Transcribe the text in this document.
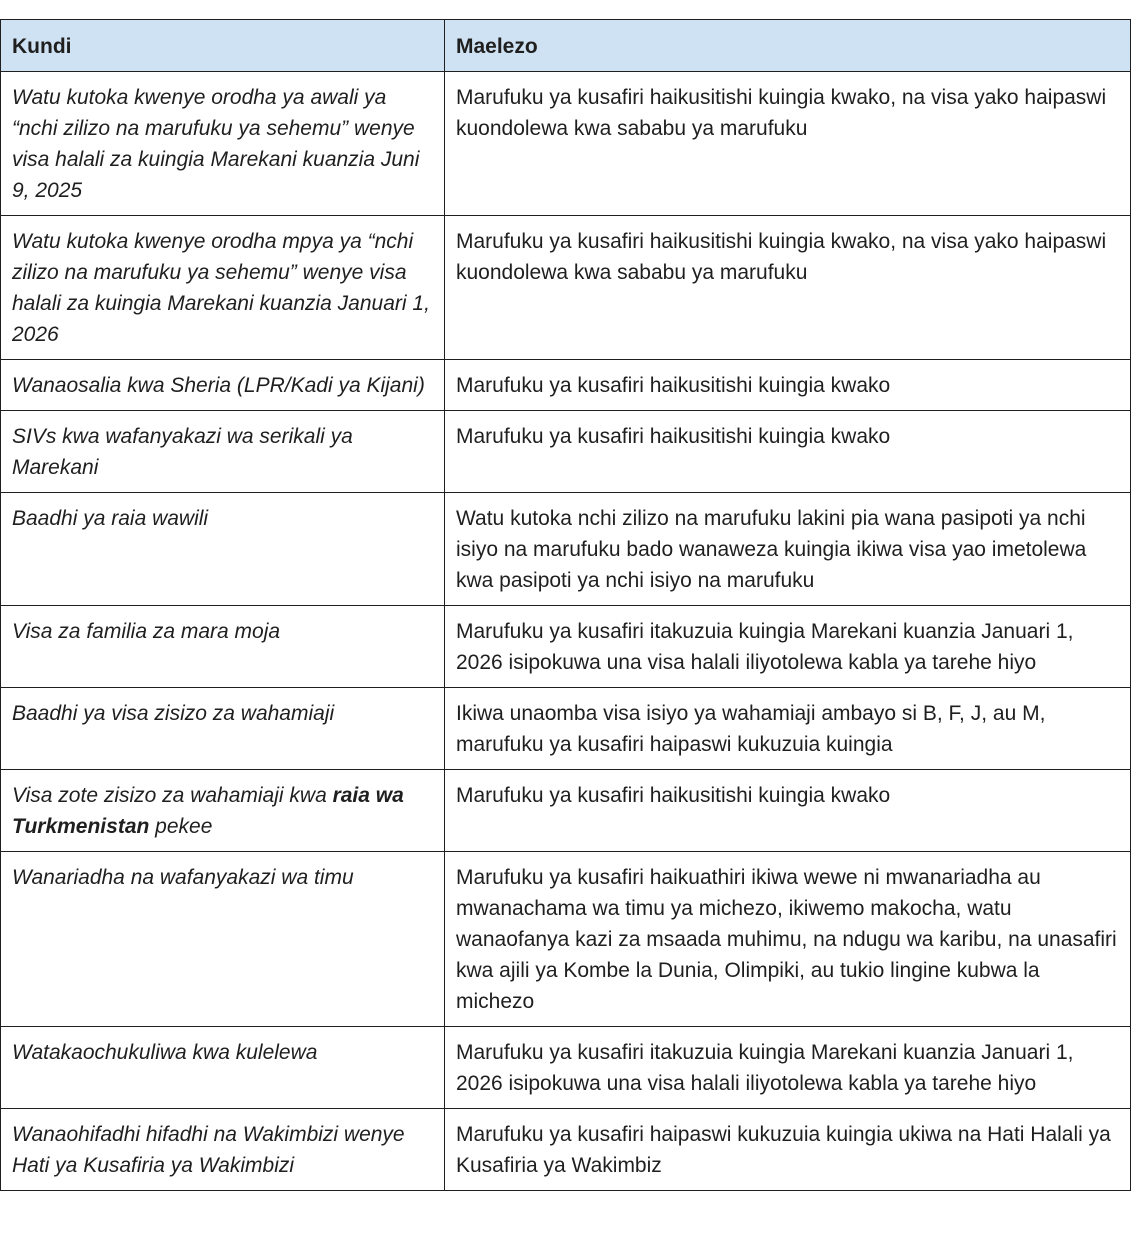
Kundi	Maelezo
Watu kutoka kwenye orodha ya awali ya “nchi zilizo na marufuku ya sehemu” wenye visa halali za kuingia Marekani kuanzia Juni 9, 2025	Marufuku ya kusafiri haikusitishi kuingia kwako, na visa yako haipaswi kuondolewa kwa sababu ya marufuku
Watu kutoka kwenye orodha mpya ya “nchi zilizo na marufuku ya sehemu” wenye visa halali za kuingia Marekani kuanzia Januari 1, 2026	Marufuku ya kusafiri haikusitishi kuingia kwako, na visa yako haipaswi kuondolewa kwa sababu ya marufuku
Wanaosalia kwa Sheria (LPR/Kadi ya Kijani)	Marufuku ya kusafiri haikusitishi kuingia kwako
SIVs kwa wafanyakazi wa serikali ya Marekani	Marufuku ya kusafiri haikusitishi kuingia kwako
Baadhi ya raia wawili	Watu kutoka nchi zilizo na marufuku lakini pia wana pasipoti ya nchi isiyo na marufuku bado wanaweza kuingia ikiwa visa yao imetolewa kwa pasipoti ya nchi isiyo na marufuku
Visa za familia za mara moja	Marufuku ya kusafiri itakuzuia kuingia Marekani kuanzia Januari 1, 2026 isipokuwa una visa halali iliyotolewa kabla ya tarehe hiyo
Baadhi ya visa zisizo za wahamiaji	Ikiwa unaomba visa isiyo ya wahamiaji ambayo si B, F, J, au M, marufuku ya kusafiri haipaswi kukuzuia kuingia
Visa zote zisizo za wahamiaji kwa raia wa Turkmenistan pekee	Marufuku ya kusafiri haikusitishi kuingia kwako
Wanariadha na wafanyakazi wa timu	Marufuku ya kusafiri haikuathiri ikiwa wewe ni mwanariadha au mwanachama wa timu ya michezo, ikiwemo makocha, watu wanaofanya kazi za msaada muhimu, na ndugu wa karibu, na unasafiri kwa ajili ya Kombe la Dunia, Olimpiki, au tukio lingine kubwa la michezo
Watakaochukuliwa kwa kulelewa	Marufuku ya kusafiri itakuzuia kuingia Marekani kuanzia Januari 1, 2026 isipokuwa una visa halali iliyotolewa kabla ya tarehe hiyo
Wanaohifadhi hifadhi na Wakimbizi wenye Hati ya Kusafiria ya Wakimbizi	Marufuku ya kusafiri haipaswi kukuzuia kuingia ukiwa na Hati Halali ya Kusafiria ya Wakimbiz
